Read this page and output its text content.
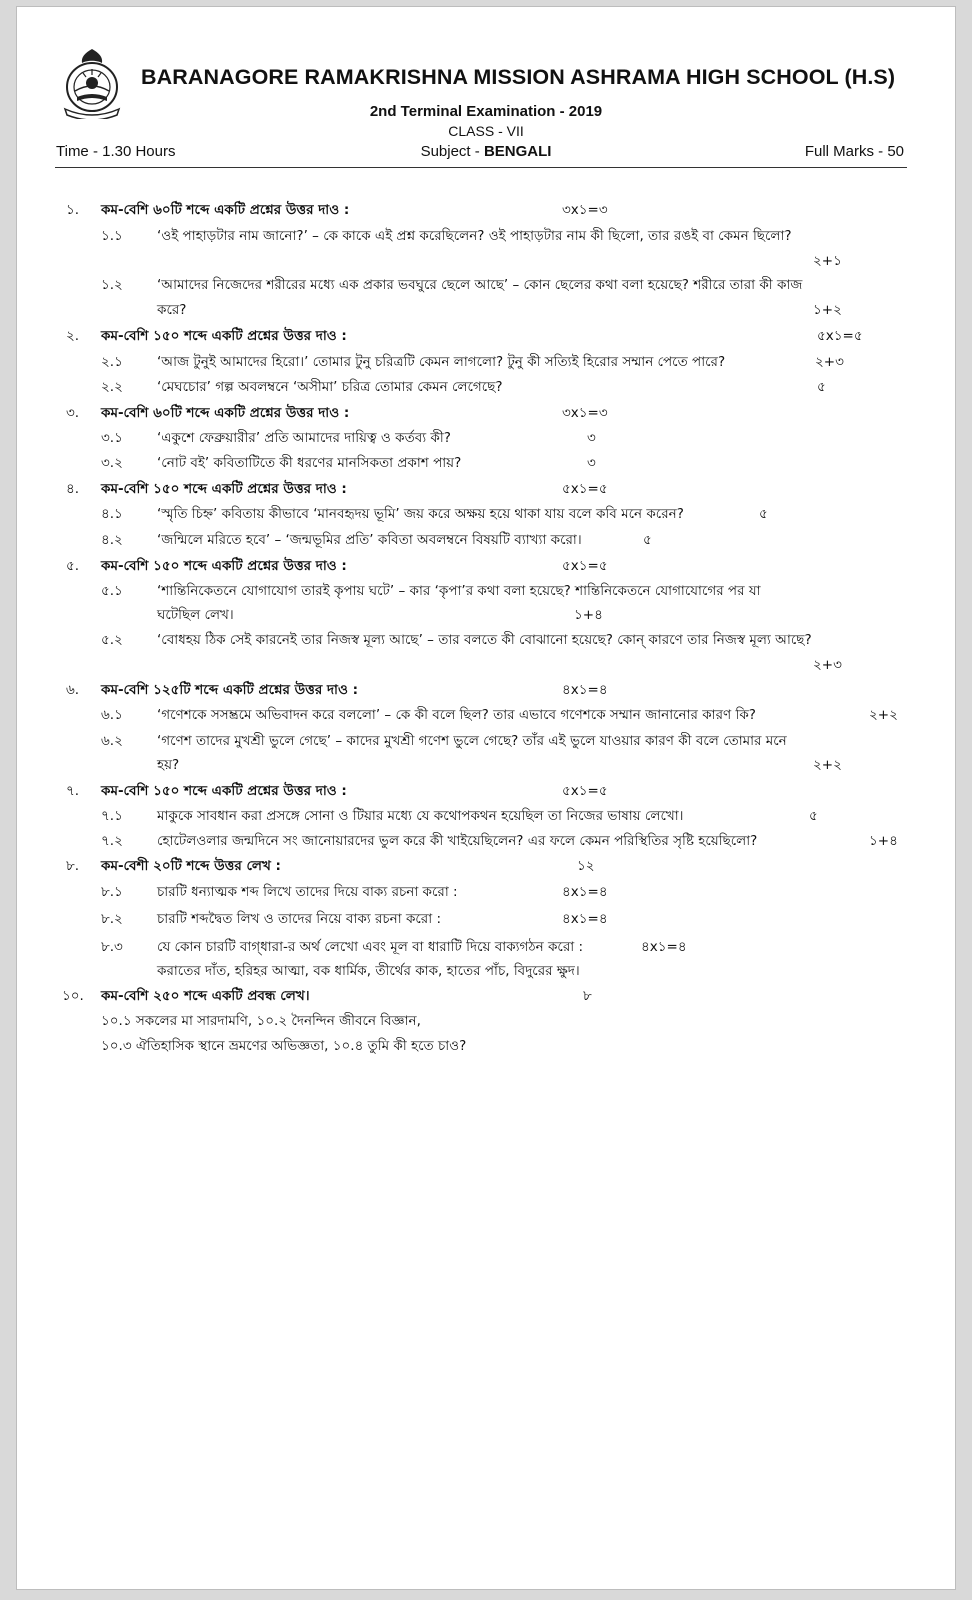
BARANAGORE RAMAKRISHNA MISSION ASHRAMA HIGH SCHOOL (H.S)
2nd Terminal Examination - 2019
CLASS - VII
Time - 1.30 Hours	Subject - BENGALI	Full Marks - 50
১. কম-বেশি ৬০টি শব্দে একটি প্রশ্নের উত্তর দাও :	৩x১=৩
১.১	‘ওই পাহাড়টার নাম জানো?’ – কে কাকে এই প্রশ্ন করেছিলেন? ওই পাহাড়টার নাম কী ছিলো, তার রঙই বা কেমন ছিলো?
২+১
১.২	‘আমাদের নিজেদের শরীরের মধ্যে এক প্রকার ভবঘুরে ছেলে আছে’ – কোন ছেলের কথা বলা হয়েছে? শরীরে তারা কী কাজ
করে?	১+২
২. কম-বেশি ১৫০ শব্দে একটি প্রশ্নের উত্তর দাও :	৫x১=৫
২.১	‘আজ টুনুই আমাদের হিরো।’ তোমার টুনু চরিত্রটি কেমন লাগলো? টুনু কী সত্যিই হিরোর সম্মান পেতে পারে?	২+৩
২.২	‘মেঘচোর’ গল্প অবলম্বনে ‘অসীমা’ চরিত্র তোমার কেমন লেগেছে?	৫
৩. কম-বেশি ৬০টি শব্দে একটি প্রশ্নের উত্তর দাও :	৩x১=৩
৩.১	‘একুশে ফেব্রুয়ারীর’ প্রতি আমাদের দায়িত্ব ও কর্তব্য কী?	৩
৩.২	‘নোট বই’ কবিতাটিতে কী ধরণের মানসিকতা প্রকাশ পায়?	৩
৪. কম-বেশি ১৫০ শব্দে একটি প্রশ্নের উত্তর দাও :	৫x১=৫
৪.১	‘স্মৃতি চিহ্ন’ কবিতায় কীভাবে ‘মানবহৃদয় ভূমি’ জয় করে অক্ষয় হয়ে থাকা যায় বলে কবি মনে করেন?	৫
৪.২	‘জন্মিলে মরিতে হবে’ – ‘জন্মভূমির প্রতি’ কবিতা অবলম্বনে বিষয়টি ব্যাখ্যা করো।	৫
৫. কম-বেশি ১৫০ শব্দে একটি প্রশ্নের উত্তর দাও :	৫x১=৫
৫.১	‘শান্তিনিকেতনে যোগাযোগ তারই কৃপায় ঘটে’ – কার ‘কৃপা’র কথা বলা হয়েছে? শান্তিনিকেতনে যোগাযোগের পর যা
ঘটেছিল লেখ।	১+৪
৫.২	‘বোধহয় ঠিক সেই কারনেই তার নিজস্ব মূল্য আছে’ – তার বলতে কী বোঝানো হয়েছে? কোন্‌ কারণে তার নিজস্ব মূল্য আছে?
২+৩
৬. কম-বেশি ১২৫টি শব্দে একটি প্রশ্নের উত্তর দাও :	৪x১=৪
৬.১	‘গণেশকে সসম্ভ্রমে অভিবাদন করে বললো’ – কে কী বলে ছিল? তার এভাবে গণেশকে সম্মান জানানোর কারণ কি?	২+২
৬.২	‘গণেশ তাদের মুখশ্রী ভুলে গেছে’ – কাদের মুখশ্রী গণেশ ভুলে গেছে? তাঁর এই ভুলে যাওয়ার কারণ কী বলে তোমার মনে
হয়?	২+২
৭. কম-বেশি ১৫০ শব্দে একটি প্রশ্নের উত্তর দাও :	৫x১=৫
৭.১	মাকুকে সাবধান করা প্রসঙ্গে সোনা ও টিয়ার মধ্যে যে কথোপকথন হয়েছিল তা নিজের ভাষায় লেখো।	৫
৭.২	হোটেলওলার জন্মদিনে সং জানোয়ারদের ভুল করে কী খাইয়েছিলেন? এর ফলে কেমন পরিস্থিতির সৃষ্টি হয়েছিলো?	১+৪
৮. কম-বেশী ২০টি শব্দে উত্তর লেখ :	১২
৮.১	চারটি ধন্যাত্মক শব্দ লিখে তাদের দিয়ে বাক্য রচনা করো :	৪x১=৪
৮.২	চারটি শব্দদ্বৈত লিখ ও তাদের নিয়ে বাক্য রচনা করো :	৪x১=৪
৮.৩	যে কোন চারটি বাগ্‌ধারা-র অর্থ লেখো এবং মূল বা ধারাটি দিয়ে বাক্যগঠন করো :	৪x১=৪
করাতের দাঁত, হরিহর আত্মা, বক ধার্মিক, তীর্থের কাক, হাতের পাঁচ, বিদুরের ক্ষুদ।
১০. কম-বেশি ২৫০ শব্দে একটি প্রবন্ধ লেখ।	৮
১০.১ সকলের মা সারদামণি, ১০.২ দৈনন্দিন জীবনে বিজ্ঞান,
১০.৩ ঐতিহাসিক স্থানে ভ্রমণের অভিজ্ঞতা, ১০.৪ তুমি কী হতে চাও?
